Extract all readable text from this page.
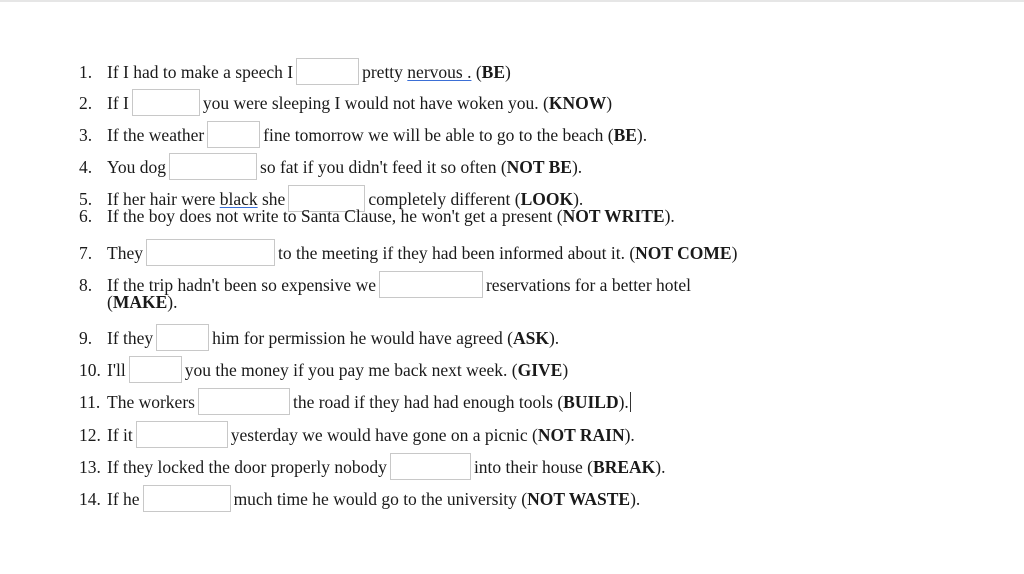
1. If I had to make a speech I	pretty nervous . (BE)
2. If I	you were sleeping I would not have woken you. (KNOW)
3. If the weather	fine tomorrow we will be able to go to the beach (BE).
4. You dog	so fat if you didn't feed it so often (NOT BE).
5. If her hair were black she	completely different (LOOK).
6. If the boy does not write to Santa Clause, he won't get a present (NOT WRITE).
7. They	to the meeting if they had been informed about it. (NOT COME)
8. If the trip hadn't been so expensive we	reservations for a better hotel
(MAKE).
9. If they	him for permission he would have agreed (ASK).
10. I'll	you the money if you pay me back next week. (GIVE)
11. The workers	the road if they had had enough tools (BUILD).
12. If it	yesterday we would have gone on a picnic (NOT RAIN).
13. If they locked the door properly nobody	into their house (BREAK).
14. If he	much time he would go to the university (NOT WASTE).
